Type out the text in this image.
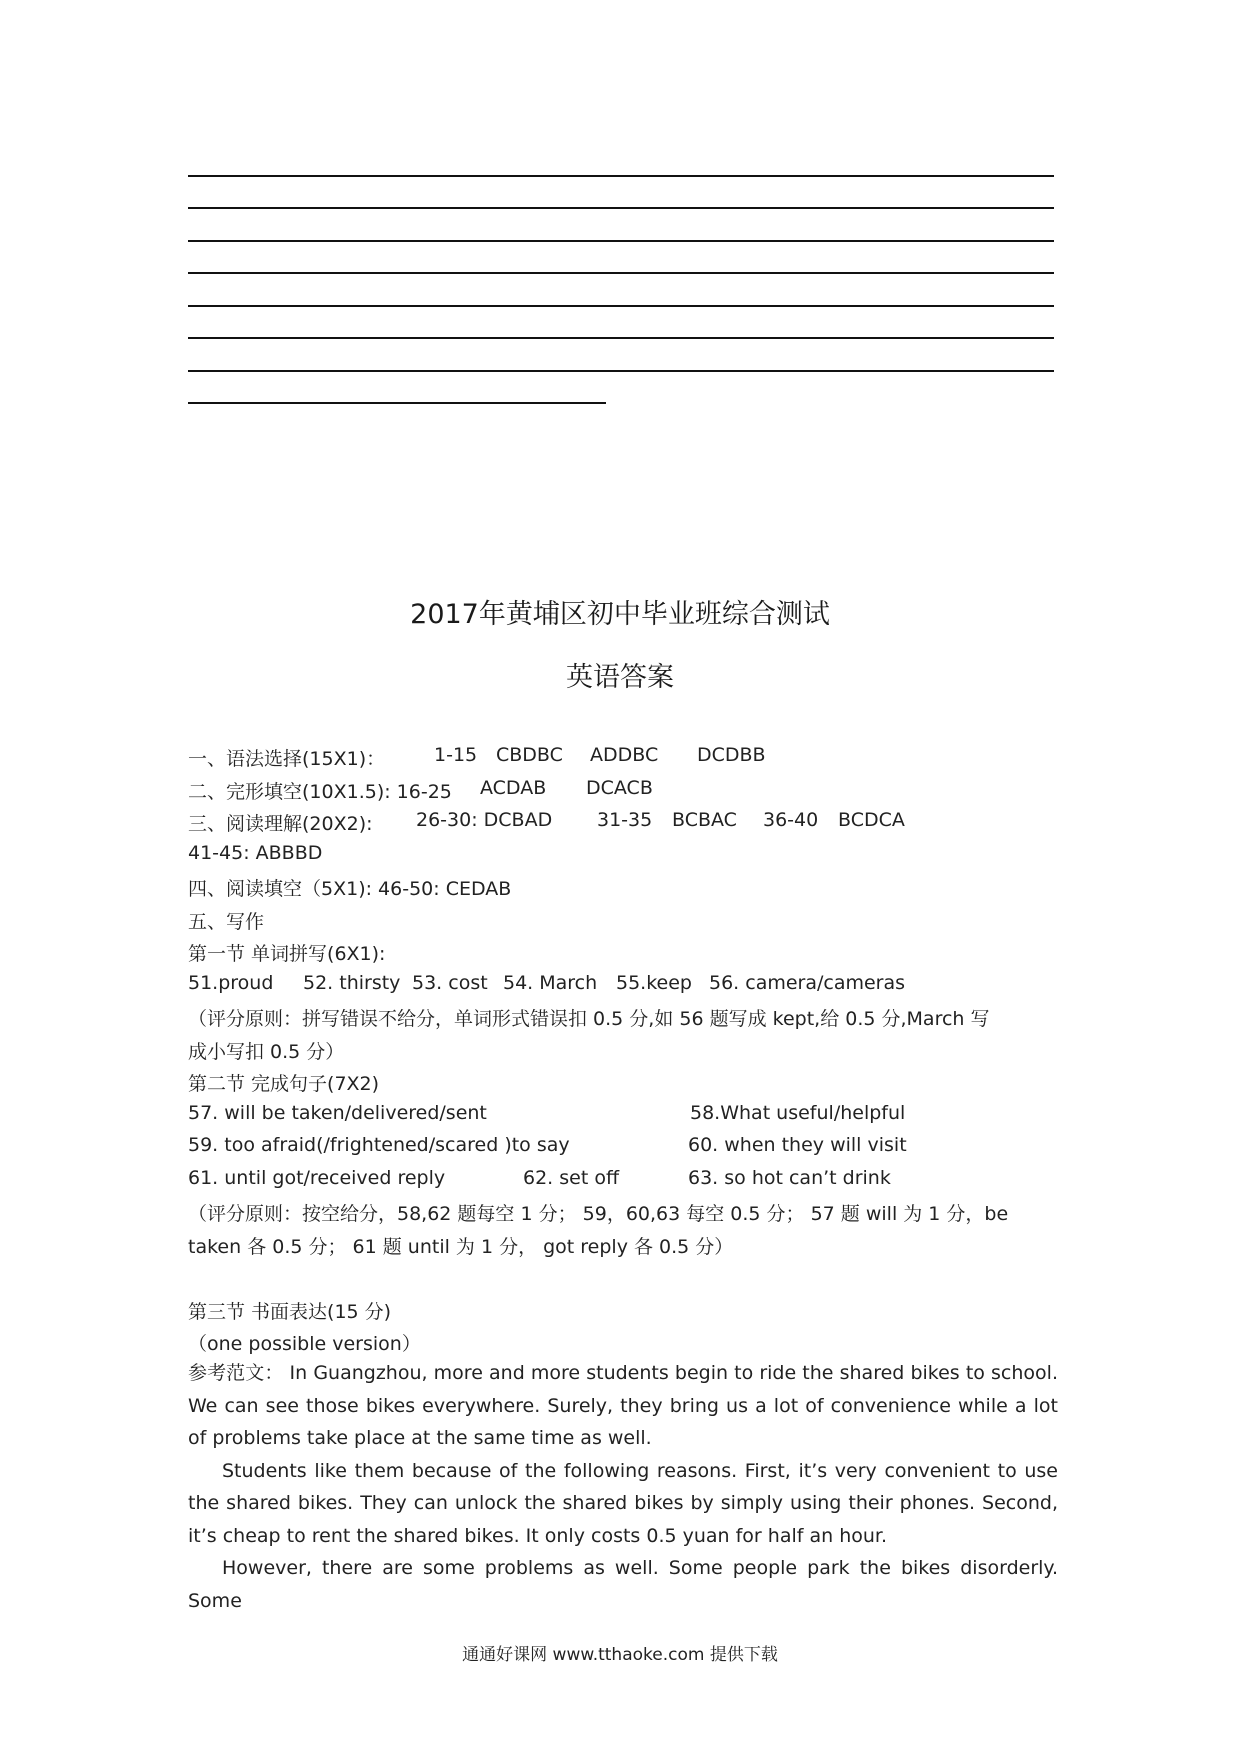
2017年黄埔区初中毕业班综合测试
英语答案
一、语法选择(15X1)：	1-15 CBDBC ADDBC DCDBB
二、完形填空(10X1.5): 16-25 ACDAB DCACB
三、阅读理解(20X2): 26-30: DCBAD 31-35 BCBAC 36-40 BCDCA
41-45: ABBBD
四、阅读填空（5X1): 46-50: CEDAB
五、写作
第一节 单词拼写(6X1):
51.proud 52. thirsty 53. cost 54. March 55.keep 56. camera/cameras
（评分原则：拼写错误不给分，单词形式错误扣 0.5 分,如 56 题写成 kept,给 0.5 分,March 写
成小写扣 0.5 分）
第二节 完成句子(7X2)
57. will be taken/delivered/sent	58.What useful/helpful
59. too afraid(/frightened/scared )to say	60. when they will visit
61. until got/received reply	62. set off	63. so hot can’t drink
（评分原则：按空给分，58,62 题每空 1 分； 59，60,63 每空 0.5 分； 57 题 will 为 1 分，be
taken 各 0.5 分； 61 题 until 为 1 分， got reply 各 0.5 分）
第三节 书面表达(15 分)
（one possible version）

参考范文： In Guangzhou, more and more students begin to ride the shared bikes to school. We can see those bikes everywhere. Surely, they bring us a lot of convenience while a lot of problems take place at the same time as well.

Students like them because of the following reasons. First, it’s very convenient to use the shared bikes. They can unlock the shared bikes by simply using their phones. Second, it’s cheap to rent the shared bikes. It only costs 0.5 yuan for half an hour.

However, there are some problems as well. Some people park the bikes disorderly. Some

通通好课网 www.tthaoke.com 提供下载
